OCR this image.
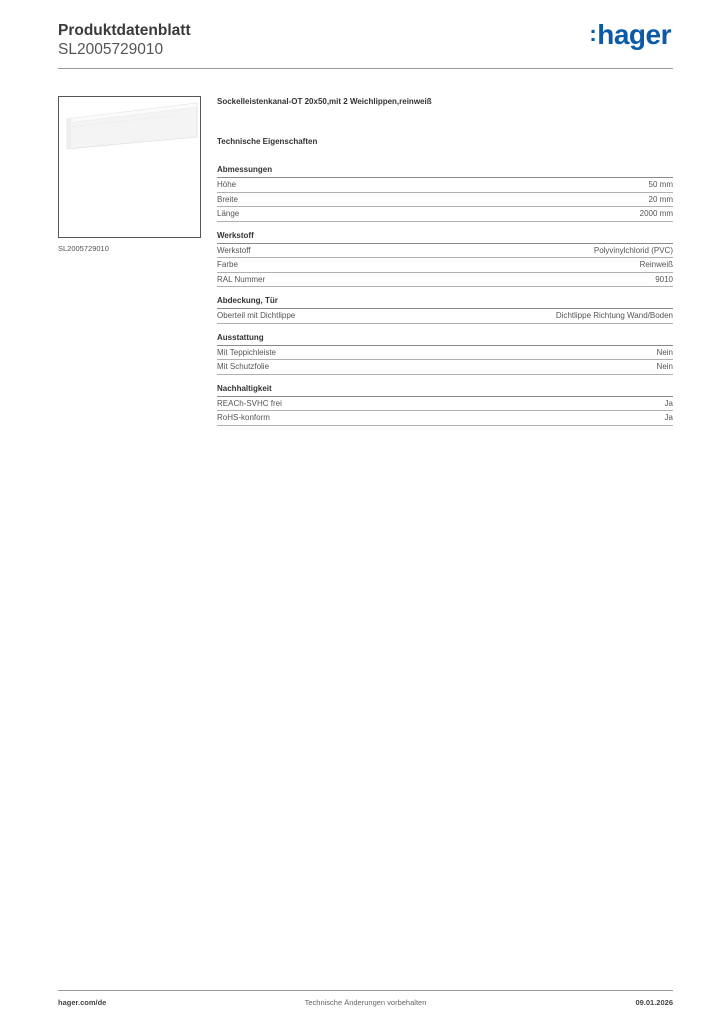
Produktdatenblatt
SL2005729010
:hager
SL2005729010
Sockelleistenkanal-OT 20x50,mit 2 Weichlippen,reinweiß
Technische Eigenschaften
Abmessungen
Höhe	50 mm
Breite	20 mm
Länge	2000 mm
Werkstoff
Werkstoff	Polyvinylchlorid (PVC)
Farbe	Reinweiß
RAL Nummer	9010
Abdeckung, Tür
Oberteil mit Dichtlippe	Dichtlippe Richtung Wand/Boden
Ausstattung
Mit Teppichleiste	Nein
Mit Schutzfolie	Nein
Nachhaltigkeit
REACh-SVHC frei	Ja
RoHS-konform	Ja
Technische Änderungen vorbehalten
hager.com/de	09.01.2026
